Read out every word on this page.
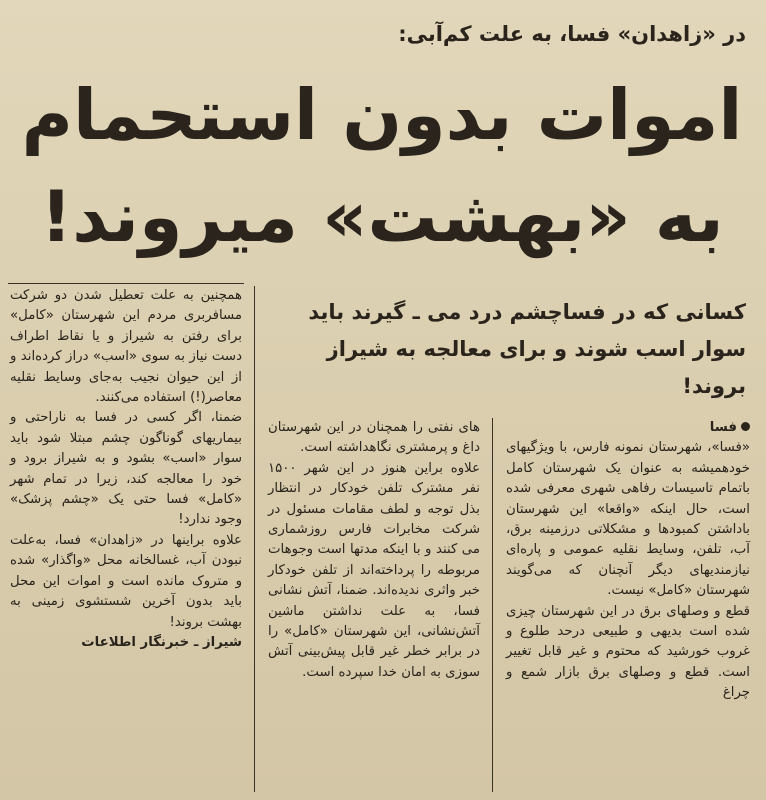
در «زاهدان» فسا، به علت کم‌آبی:
اموات بدون استحمام
به «بهشت» میروند!
کسانی که در فساچشم درد می ـ گیرند باید سوار اسب شوند و برای معالجه به شیراز بروند!

همچنین به علت تعطیل شدن دو شرکت مسافربری مردم این شهرستان «کامل» برای رفتن به شیراز و یا نقاط اطراف دست نیاز به سوی «اسب» دراز کرده‌اند و از این حیوان نجیب به‌جای وسایط نقلیه معاصر(!) استفاده می‌کنند.

ضمنا، اگر کسی در فسا به ناراحتی و بیماریهای گوناگون چشم مبتلا شود باید سوار «اسب» بشود و به شیراز برود و خود را معالجه کند، زیرا در تمام شهر «کامل» فسا حتی یک «چشم پزشک» وجود ندارد!

علاوه براینها در «زاهدان» فسا، به‌علت نبودن آب، غسالخانه محل «واگذار» شده و متروک مانده است و اموات این محل باید بدون آخرین شستشوی زمینی به بهشت بروند!

شیراز ـ خبرنگار اطلاعات

های نفتی را همچنان در این شهرستان داغ و پرمشتری نگاهداشته است.

علاوه براین هنوز در این شهر ۱۵۰۰ نفر مشترک تلفن خودکار در انتظار بذل توجه و لطف مقامات مسئول در شرکت مخابرات فارس روزشماری می کنند و با اینکه مدتها است وجوهات مربوطه را پرداخته‌اند از تلفن خودکار خبر واثری ندیده‌اند. ضمنا، آتش نشانی فسا، به علت نداشتن ماشین آتش‌نشانی، این شهرستان «کامل» را در برابر خطر غیر قابل پیش‌بینی آتش سوزی به امان خدا سپرده است.

فسا

«فسا»، شهرستان نمونه فارس، با ویژگیهای خودهمیشه به عنوان یک شهرستان کامل باتمام تاسیسات رفاهی شهری معرفی شده است، حال اینکه «واقعا» این شهرستان باداشتن کمبودها و مشکلاتی درزمینه برق، آب، تلفن، وسایط نقلیه عمومی و پاره‌ای نیازمندیهای دیگر آنچنان که می‌گویند شهرستان «کامل» نیست.

قطع و وصلهای برق در این شهرستان چیزی شده است بدیهی و طبیعی درحد طلوع و غروب خورشید که محتوم و غیر قابل تغییر است. قطع و وصلهای برق بازار شمع و چراغ
